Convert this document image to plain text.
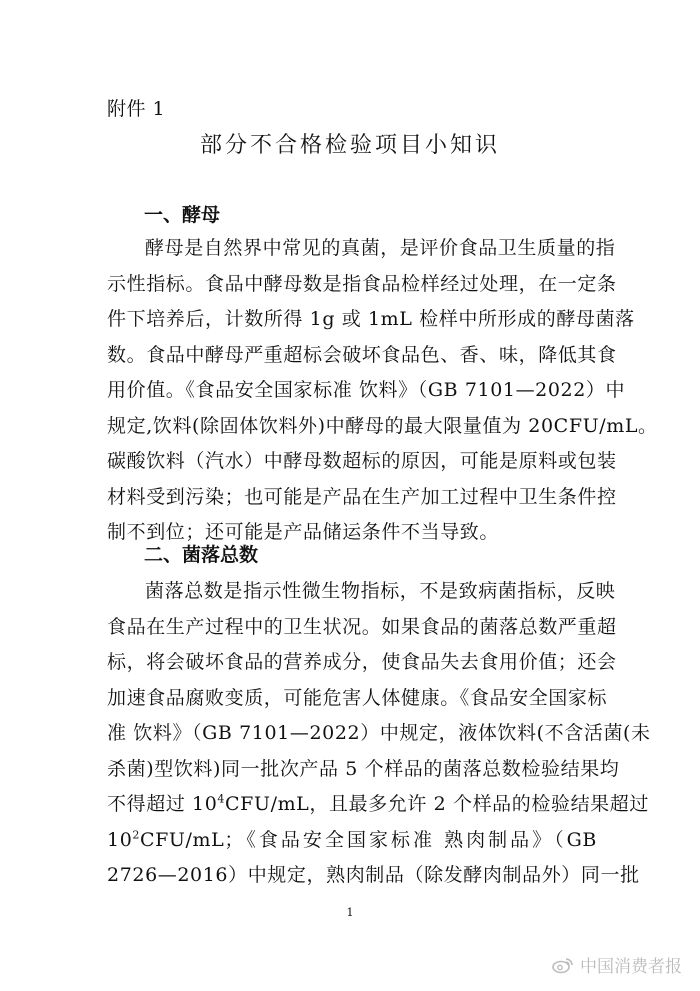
附件 1
部分不合格检验项目小知识
一、酵母
酵母是自然界中常见的真菌，是评价食品卫生质量的指
示性指标。食品中酵母数是指食品检样经过处理，在一定条
件下培养后，计数所得 1g 或 1mL 检样中所形成的酵母菌落
数。食品中酵母严重超标会破坏食品色、香、味，降低其食
用价值。《食品安全国家标准 饮料》（GB 7101—2022）中
规定,饮料(除固体饮料外)中酵母的最大限量值为 20CFU/mL。
碳酸饮料（汽水）中酵母数超标的原因，可能是原料或包装
材料受到污染；也可能是产品在生产加工过程中卫生条件控
制不到位；还可能是产品储运条件不当导致。
二、菌落总数
菌落总数是指示性微生物指标，不是致病菌指标，反映
食品在生产过程中的卫生状况。如果食品的菌落总数严重超
标，将会破坏食品的营养成分，使食品失去食用价值；还会
加速食品腐败变质，可能危害人体健康。《食品安全国家标
准 饮料》（GB 7101—2022）中规定，液体饮料(不含活菌(未
杀菌)型饮料)同一批次产品 5 个样品的菌落总数检验结果均
不得超过 $10^4CFU/mL$，且最多允许 2 个样品的检验结果超过
$10^2CFU/mL$；《食品安全国家标准 熟肉制品》（GB
2726—2016）中规定，熟肉制品（除发酵肉制品外）同一批
1
中国消费者报
